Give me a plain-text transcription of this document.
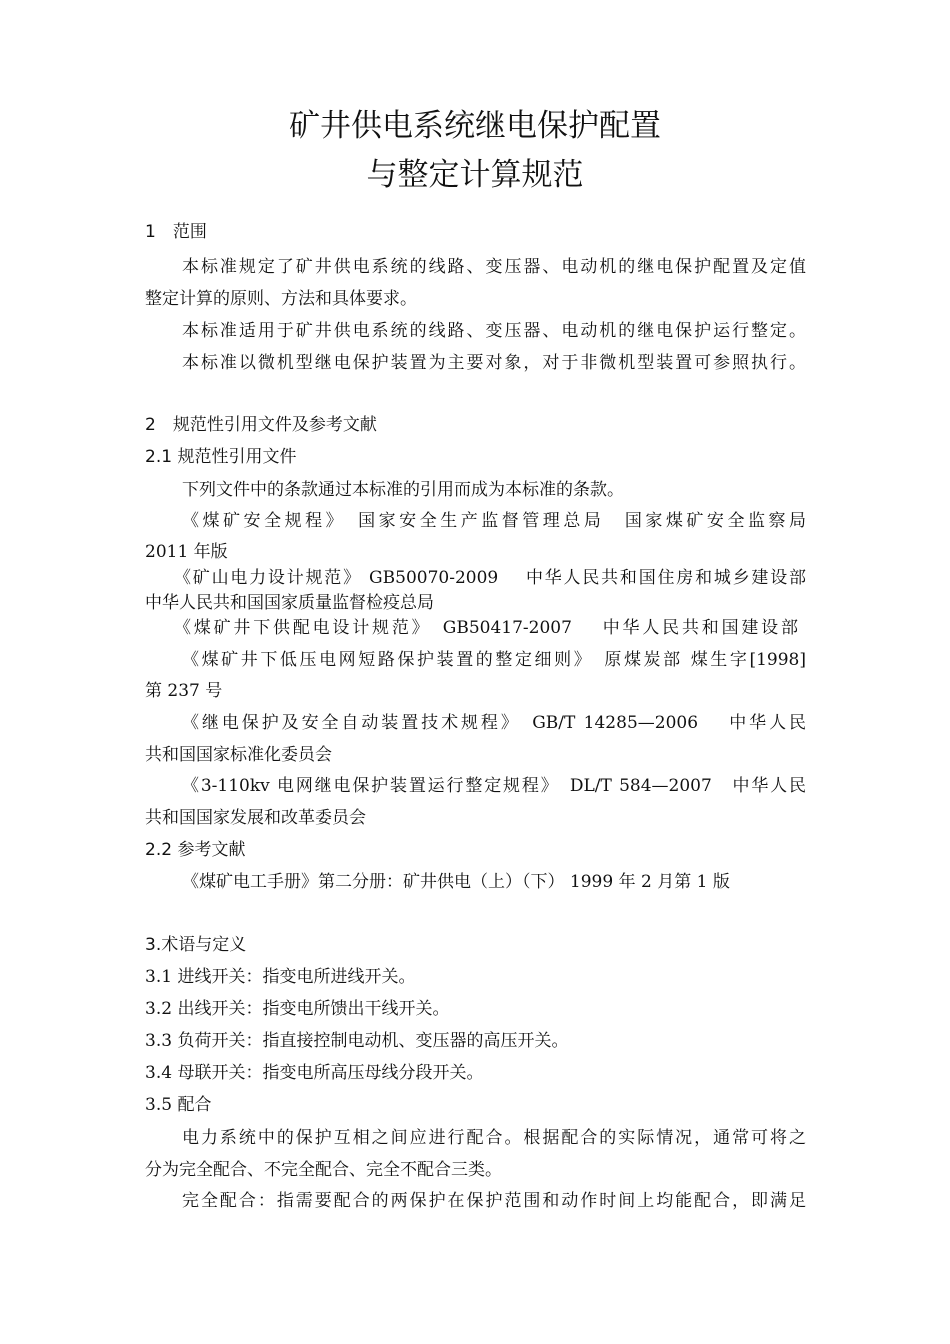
矿井供电系统继电保护配置
与整定计算规范
1　范围
本标准规定了矿井供电系统的线路、变压器、电动机的继电保护配置及定值
整定计算的原则、方法和具体要求。
本标准适用于矿井供电系统的线路、变压器、电动机的继电保护运行整定。
本标准以微机型继电保护装置为主要对象，对于非微机型装置可参照执行。
2　规范性引用文件及参考文献
2.1 规范性引用文件
下列文件中的条款通过本标准的引用而成为本标准的条款。
《煤矿安全规程》　国家安全生产监督管理总局　国家煤矿安全监察局
2011 年版
《矿山电力设计规范》 GB50070-2009　 中华人民共和国住房和城乡建设部
中华人民共和国国家质量监督检疫总局
《煤矿井下供配电设计规范》　GB50417-2007　 中华人民共和国建设部
《煤矿井下低压电网短路保护装置的整定细则》　原煤炭部 煤生字[1998]
第 237 号
《继电保护及安全自动装置技术规程》　GB/T 14285—2006　 中华人民
共和国国家标准化委员会
《3-110kv 电网继电保护装置运行整定规程》　DL/T 584—2007　中华人民
共和国国家发展和改革委员会
2.2 参考文献
《煤矿电工手册》第二分册：矿井供电（上）（下） 1999 年 2 月第 1 版
3.术语与定义
3.1 进线开关：指变电所进线开关。
3.2 出线开关：指变电所馈出干线开关。
3.3 负荷开关：指直接控制电动机、变压器的高压开关。
3.4 母联开关：指变电所高压母线分段开关。
3.5 配合
电力系统中的保护互相之间应进行配合。根据配合的实际情况，通常可将之
分为完全配合、不完全配合、完全不配合三类。
完全配合：指需要配合的两保护在保护范围和动作时间上均能配合，即满足
